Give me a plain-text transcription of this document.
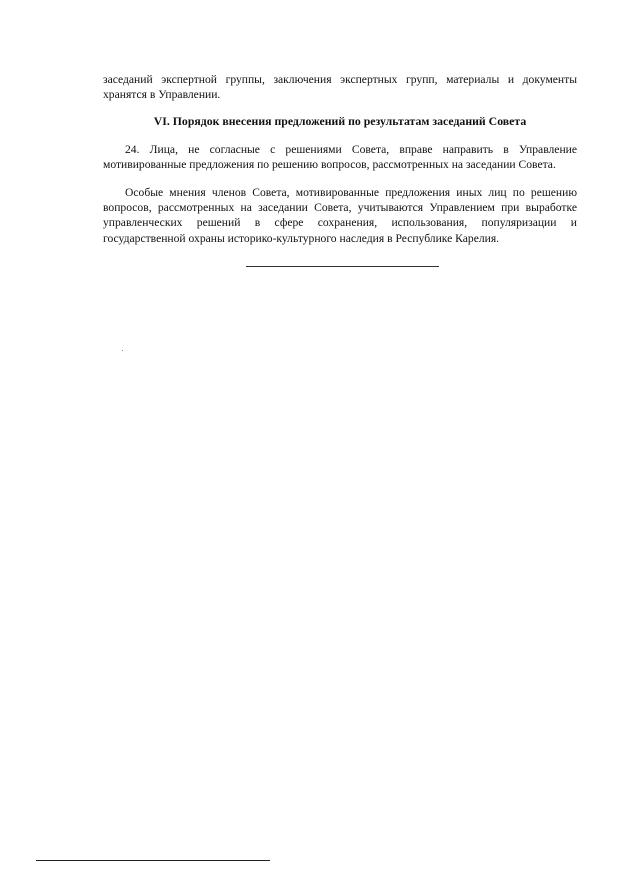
заседаний экспертной группы, заключения экспертных групп, материалы и документы хранятся в Управлении.

VI. Порядок внесения предложений по результатам заседаний Совета

24. Лица, не согласные с решениями Совета, вправе направить в Управление мотивированные предложения по решению вопросов, рассмотренных на заседании Совета.

Особые мнения членов Совета, мотивированные предложения иных лиц по решению вопросов, рассмотренных на заседании Совета, учитываются Управлением при выработке управленческих решений в сфере сохранения, использования, популяризации и государственной охраны историко-культурного наследия в Республике Карелия.
